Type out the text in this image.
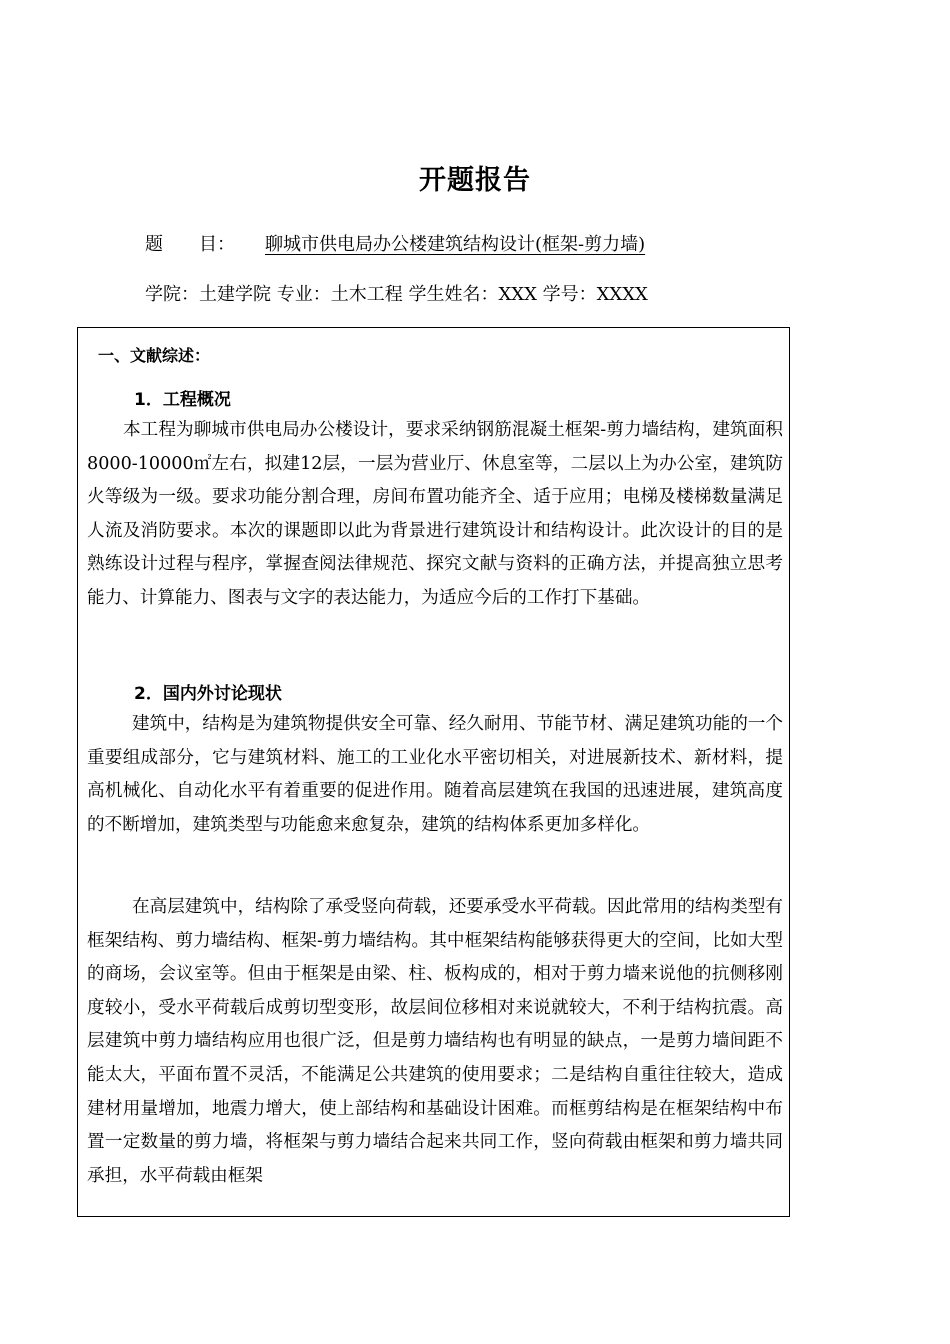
开题报告
题　　目： 聊城市供电局办公楼建筑结构设计(框架-剪力墙)
学院：土建学院 专业：土木工程 学生姓名：XXX 学号：XXXX
一、文献综述：
1．工程概况

本工程为聊城市供电局办公楼设计，要求采纳钢筋混凝土框架-剪力墙结构，建筑面积8000-10000㎡左右，拟建12层，一层为营业厅、休息室等，二层以上为办公室，建筑防火等级为一级。要求功能分割合理，房间布置功能齐全、适于应用；电梯及楼梯数量满足人流及消防要求。本次的课题即以此为背景进行建筑设计和结构设计。此次设计的目的是熟练设计过程与程序，掌握查阅法律规范、探究文献与资料的正确方法，并提高独立思考能力、计算能力、图表与文字的表达能力，为适应今后的工作打下基础。

2．国内外讨论现状

建筑中，结构是为建筑物提供安全可靠、经久耐用、节能节材、满足建筑功能的一个重要组成部分，它与建筑材料、施工的工业化水平密切相关，对进展新技术、新材料，提高机械化、自动化水平有着重要的促进作用。随着高层建筑在我国的迅速进展，建筑高度的不断增加，建筑类型与功能愈来愈复杂，建筑的结构体系更加多样化。

在高层建筑中，结构除了承受竖向荷载，还要承受水平荷载。因此常用的结构类型有框架结构、剪力墙结构、框架-剪力墙结构。其中框架结构能够获得更大的空间，比如大型的商场，会议室等。但由于框架是由梁、柱、板构成的，相对于剪力墙来说他的抗侧移刚度较小，受水平荷载后成剪切型变形，故层间位移相对来说就较大，不利于结构抗震。高层建筑中剪力墙结构应用也很广泛，但是剪力墙结构也有明显的缺点，一是剪力墙间距不能太大，平面布置不灵活，不能满足公共建筑的使用要求；二是结构自重往往较大，造成建材用量增加，地震力增大，使上部结构和基础设计困难。而框剪结构是在框架结构中布置一定数量的剪力墙，将框架与剪力墙结合起来共同工作，竖向荷载由框架和剪力墙共同承担，水平荷载由框架
